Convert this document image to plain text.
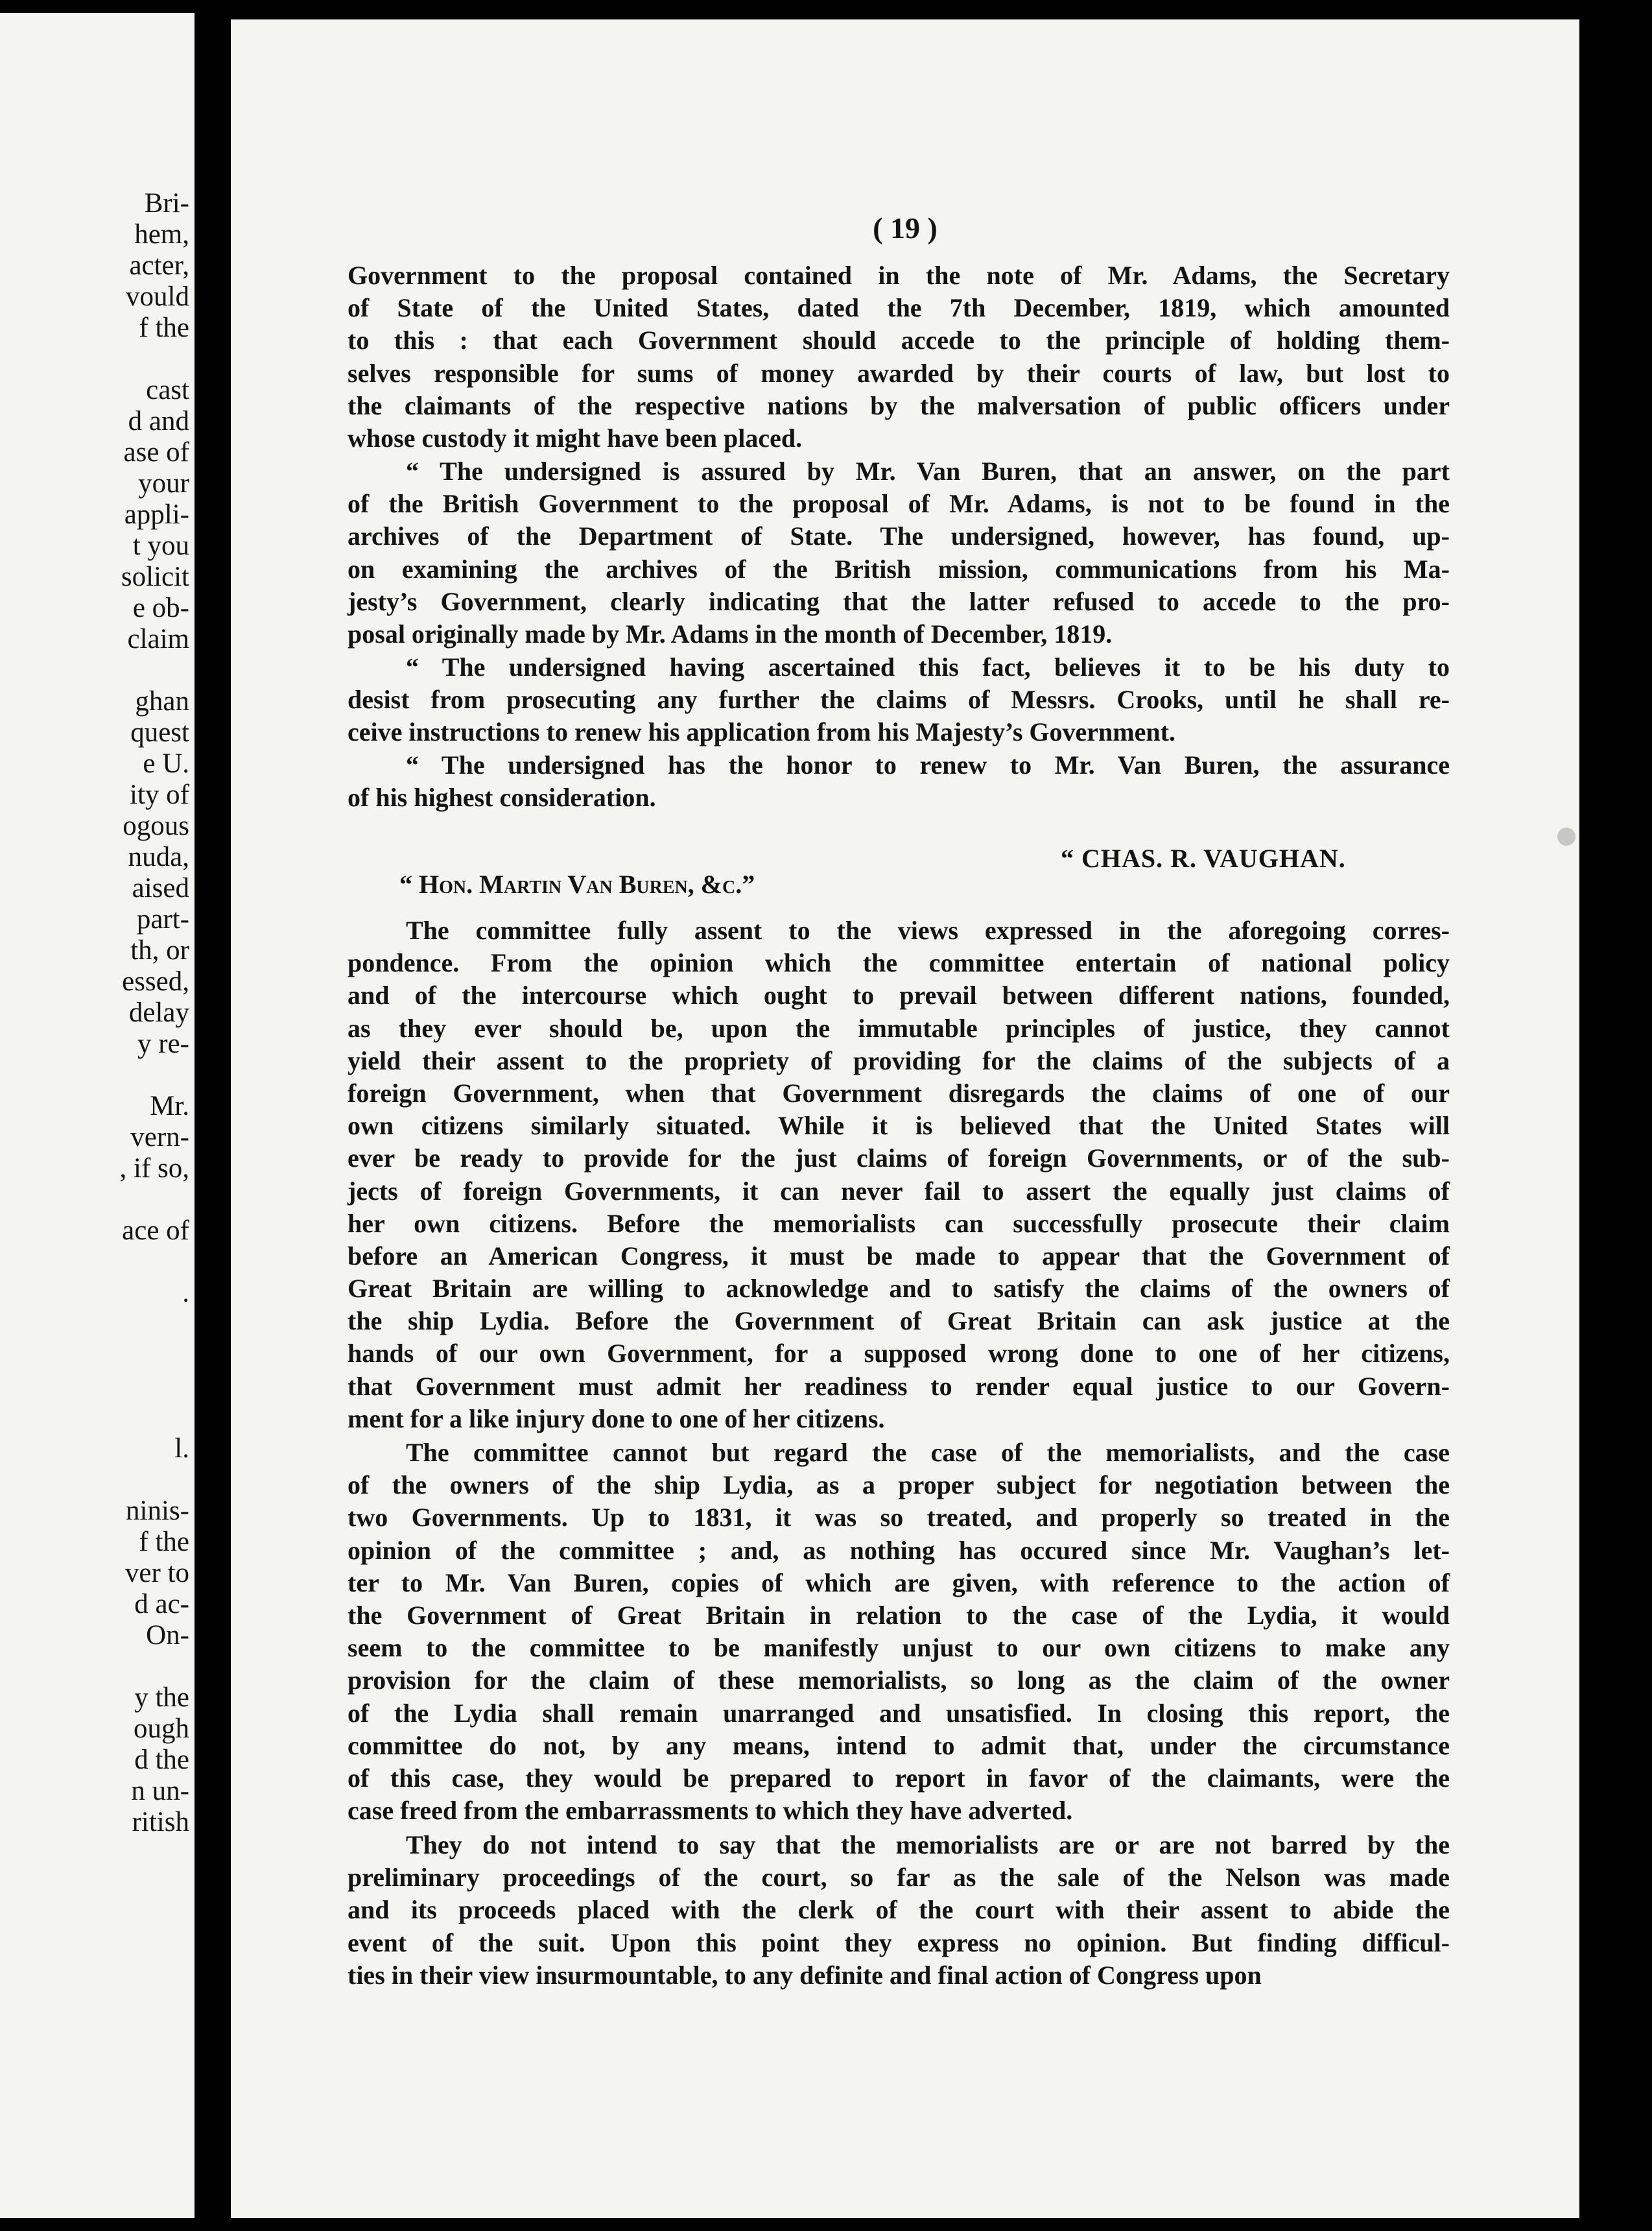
Bri-
hem,
acter,
vould
f the

cast
d and
ase of
your
appli-
t you
solicit
e ob-
claim

ghan
quest
e U.
ity of
ogous
nuda,
aised
part-
th, or
essed,
delay
y re-

Mr.
vern-
, if so,

ace of

.

l.

ninis-
f the
ver to
d ac-
On-

y the
ough
d the
n un-
ritish
( 19 )
Government to the proposal contained in the note of Mr. Adams, the Secretary
of State of the United States, dated the 7th December, 1819, which amounted
to this : that each Government should accede to the principle of holding them-
selves responsible for sums of money awarded by their courts of law, but lost to
the claimants of the respective nations by the malversation of public officers under
whose custody it might have been placed.
“ The undersigned is assured by Mr. Van Buren, that an answer, on the part
of the British Government to the proposal of Mr. Adams, is not to be found in the
archives of the Department of State. The undersigned, however, has found, up-
on examining the archives of the British mission, communications from his Ma-
jesty’s Government, clearly indicating that the latter refused to accede to the pro-
posal originally made by Mr. Adams in the month of December, 1819.
“ The undersigned having ascertained this fact, believes it to be his duty to
desist from prosecuting any further the claims of Messrs. Crooks, until he shall re-
ceive instructions to renew his application from his Majesty’s Government.
“ The undersigned has the honor to renew to Mr. Van Buren, the assurance
of his highest consideration.
“ CHAS. R. VAUGHAN.
“ Hon. Martin Van Buren, &c.”
The committee fully assent to the views expressed in the aforegoing corres-
pondence. From the opinion which the committee entertain of national policy
and of the intercourse which ought to prevail between different nations, founded,
as they ever should be, upon the immutable principles of justice, they cannot
yield their assent to the propriety of providing for the claims of the subjects of a
foreign Government, when that Government disregards the claims of one of our
own citizens similarly situated. While it is believed that the United States will
ever be ready to provide for the just claims of foreign Governments, or of the sub-
jects of foreign Governments, it can never fail to assert the equally just claims of
her own citizens. Before the memorialists can successfully prosecute their claim
before an American Congress, it must be made to appear that the Government of
Great Britain are willing to acknowledge and to satisfy the claims of the owners of
the ship Lydia. Before the Government of Great Britain can ask justice at the
hands of our own Government, for a supposed wrong done to one of her citizens,
that Government must admit her readiness to render equal justice to our Govern-
ment for a like injury done to one of her citizens.
The committee cannot but regard the case of the memorialists, and the case
of the owners of the ship Lydia, as a proper subject for negotiation between the
two Governments. Up to 1831, it was so treated, and properly so treated in the
opinion of the committee ; and, as nothing has occured since Mr. Vaughan’s let-
ter to Mr. Van Buren, copies of which are given, with reference to the action of
the Government of Great Britain in relation to the case of the Lydia, it would
seem to the committee to be manifestly unjust to our own citizens to make any
provision for the claim of these memorialists, so long as the claim of the owner
of the Lydia shall remain unarranged and unsatisfied. In closing this report, the
committee do not, by any means, intend to admit that, under the circumstance
of this case, they would be prepared to report in favor of the claimants, were the
case freed from the embarrassments to which they have adverted.
They do not intend to say that the memorialists are or are not barred by the
preliminary proceedings of the court, so far as the sale of the Nelson was made
and its proceeds placed with the clerk of the court with their assent to abide the
event of the suit. Upon this point they express no opinion. But finding difficul-
ties in their view insurmountable, to any definite and final action of Congress upon
